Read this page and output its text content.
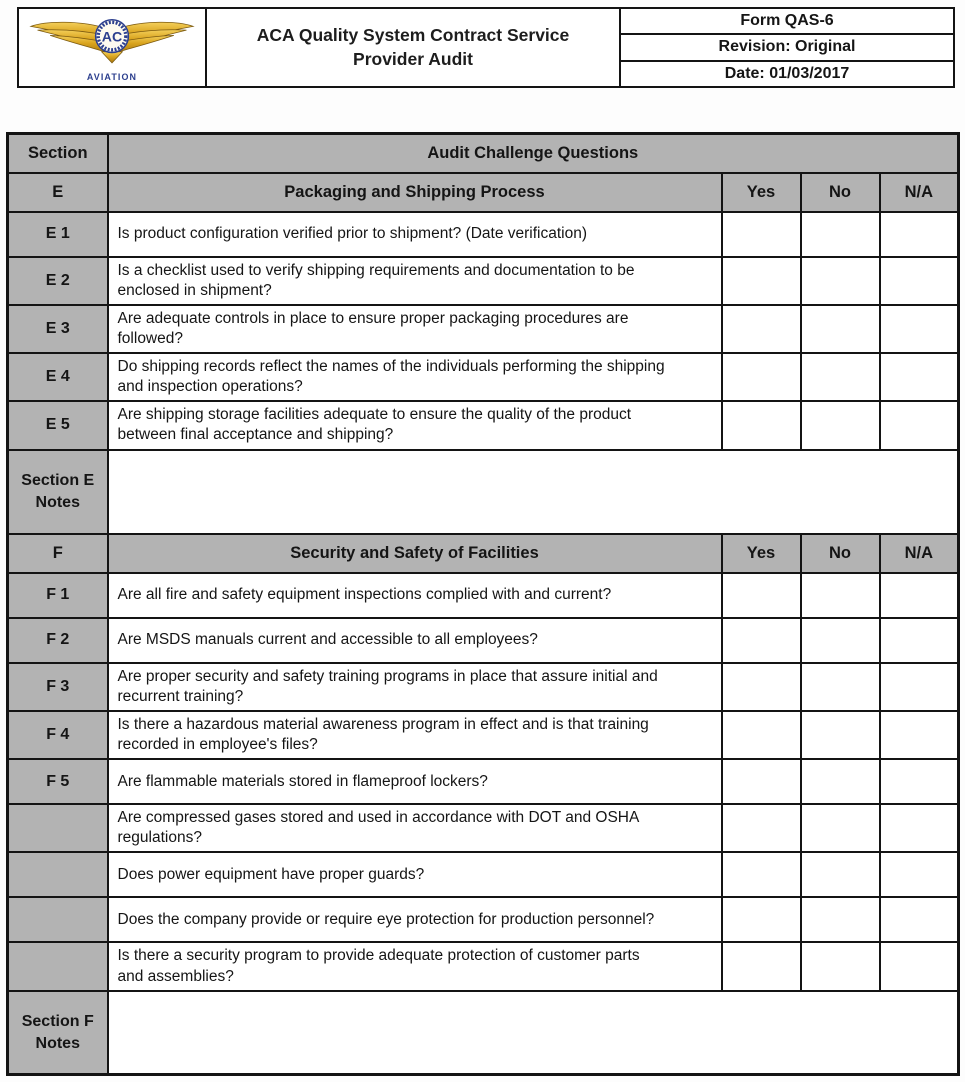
AC
AVIATION
ACA Quality System Contract Service
Provider Audit
Form QAS-6
Revision: Original
Date: 01/03/2017
Section	Audit Challenge Questions			
E	Packaging and Shipping Process	Yes	No	N/A
E 1	Is product configuration verified prior to shipment? (Date verification)			

E 2	Is a checklist used to verify shipping requirements and documentation to be enclosed in shipment?			

E 3	Are adequate controls in place to ensure proper packaging procedures are followed?			

E 4	Do shipping records reflect the names of the individuals performing the shipping and inspection operations?			

E 5	Are shipping storage facilities adequate to ensure the quality of the product between final acceptance and shipping?			

Section E Notes				
F	Security and Safety of Facilities	Yes	No	N/A
F 1	Are all fire and safety equipment inspections complied with and current?			

F 2	Are MSDS manuals current and accessible to all employees?			

F 3	Are proper security and safety training programs in place that assure initial and recurrent training?			

F 4	Is there a hazardous material awareness program in effect and is that training recorded in employee's files?			

F 5	Are flammable materials stored in flameproof lockers?			

	Are compressed gases stored and used in accordance with DOT and OSHA regulations?			

	Does power equipment have proper guards?			

	Does the company provide or require eye protection for production personnel?			

	Is there a security program to provide adequate protection of customer parts and assemblies?			

Section F Notes				
